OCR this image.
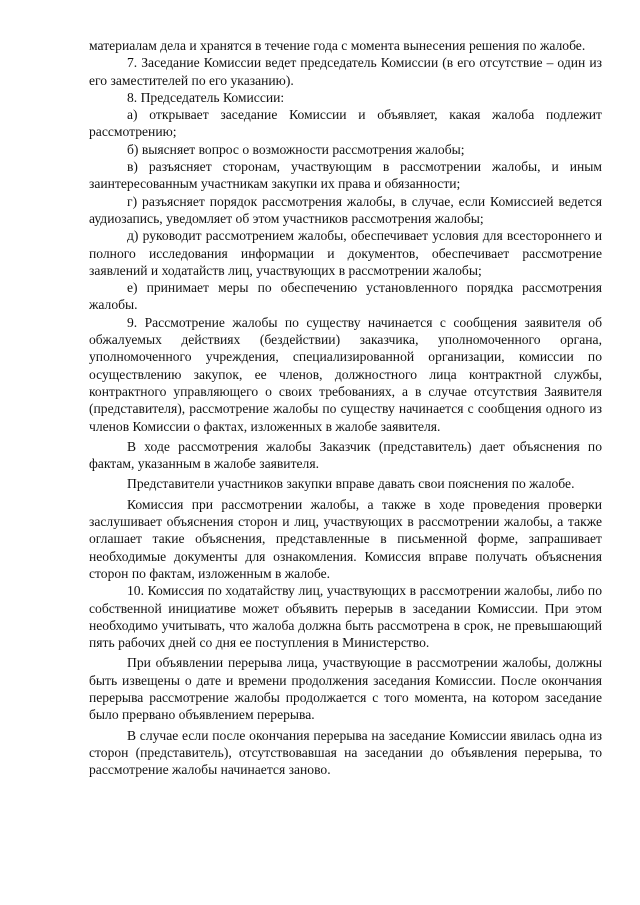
материалам дела и хранятся в течение года с момента вынесения решения по жалобе.

7. Заседание Комиссии ведет председатель Комиссии (в его отсутствие – один из его заместителей по его указанию).

8. Председатель Комиссии:

а) открывает заседание Комиссии и объявляет, какая жалоба подлежит рассмотрению;

б) выясняет вопрос о возможности рассмотрения жалобы;

в) разъясняет сторонам, участвующим в рассмотрении жалобы, и иным заинтересованным участникам закупки их права и обязанности;

г) разъясняет порядок рассмотрения жалобы, в случае, если Комиссией ведется аудиозапись, уведомляет об этом участников рассмотрения жалобы;

д) руководит рассмотрением жалобы, обеспечивает условия для всестороннего и полного исследования информации и документов, обеспечивает рассмотрение заявлений и ходатайств лиц, участвующих в рассмотрении жалобы;

е) принимает меры по обеспечению установленного порядка рассмотрения жалобы.

9. Рассмотрение жалобы по существу начинается с сообщения заявителя об обжалуемых действиях (бездействии) заказчика, уполномоченного органа, уполномоченного учреждения, специализированной организации, комиссии по осуществлению закупок, ее членов, должностного лица контрактной службы, контрактного управляющего о своих требованиях, а в случае отсутствия Заявителя (представителя), рассмотрение жалобы по существу начинается с сообщения одного из членов Комиссии о фактах, изложенных в жалобе заявителя.

В ходе рассмотрения жалобы Заказчик (представитель) дает объяснения по фактам, указанным в жалобе заявителя.

Представители участников закупки вправе давать свои пояснения по жалобе.

Комиссия при рассмотрении жалобы, а также в ходе проведения проверки заслушивает объяснения сторон и лиц, участвующих в рассмотрении жалобы, а также оглашает такие объяснения, представленные в письменной форме, запрашивает необходимые документы для ознакомления. Комиссия вправе получать объяснения сторон по фактам, изложенным в жалобе.

10. Комиссия по ходатайству лиц, участвующих в рассмотрении жалобы, либо по собственной инициативе может объявить перерыв в заседании Комиссии. При этом необходимо учитывать, что жалоба должна быть рассмотрена в срок, не превышающий пять рабочих дней со дня ее поступления в Министерство.

При объявлении перерыва лица, участвующие в рассмотрении жалобы, должны быть извещены о дате и времени продолжения заседания Комиссии. После окончания перерыва рассмотрение жалобы продолжается с того момента, на котором заседание было прервано объявлением перерыва.

В случае если после окончания перерыва на заседание Комиссии явилась одна из сторон (представитель), отсутствовавшая на заседании до объявления перерыва, то рассмотрение жалобы начинается заново.
